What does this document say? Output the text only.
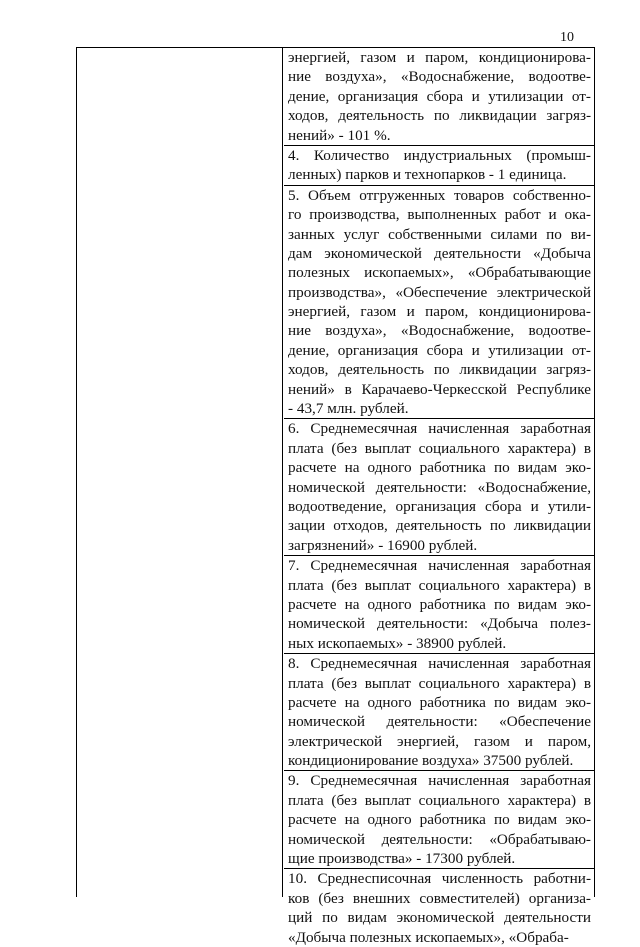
10
энергией, газом и паром, кондиционирова-
ние воздуха», «Водоснабжение, водоотве-
дение, организация сбора и утилизации от-
ходов, деятельность по ликвидации загряз-
нений» - 101 %.
4. Количество индустриальных (промыш-
ленных) парков и технопарков - 1 единица.
5. Объем отгруженных товаров собственно-
го производства, выполненных работ и ока-
занных услуг собственными силами по ви-
дам экономической деятельности «Добыча
полезных ископаемых», «Обрабатывающие
производства», «Обеспечение электрической
энергией, газом и паром, кондиционирова-
ние воздуха», «Водоснабжение, водоотве-
дение, организация сбора и утилизации от-
ходов, деятельность по ликвидации загряз-
нений» в Карачаево-Черкесской Республике
- 43,7 млн. рублей.
6. Среднемесячная начисленная заработная
плата (без выплат социального характера) в
расчете на одного работника по видам эко-
номической деятельности: «Водоснабжение,
водоотведение, организация сбора и утили-
зации отходов, деятельность по ликвидации
загрязнений» - 16900 рублей.
7. Среднемесячная начисленная заработная
плата (без выплат социального характера) в
расчете на одного работника по видам эко-
номической деятельности: «Добыча полез-
ных ископаемых» - 38900 рублей.
8. Среднемесячная начисленная заработная
плата (без выплат социального характера) в
расчете на одного работника по видам эко-
номической деятельности: «Обеспечение
электрической энергией, газом и паром,
кондиционирование воздуха» 37500 рублей.
9. Среднемесячная начисленная заработная
плата (без выплат социального характера) в
расчете на одного работника по видам эко-
номической деятельности: «Обрабатываю-
щие производства» - 17300 рублей.
10. Среднесписочная численность работни-
ков (без внешних совместителей) организа-
ций по видам экономической деятельности
«Добыча полезных ископаемых», «Обраба-
